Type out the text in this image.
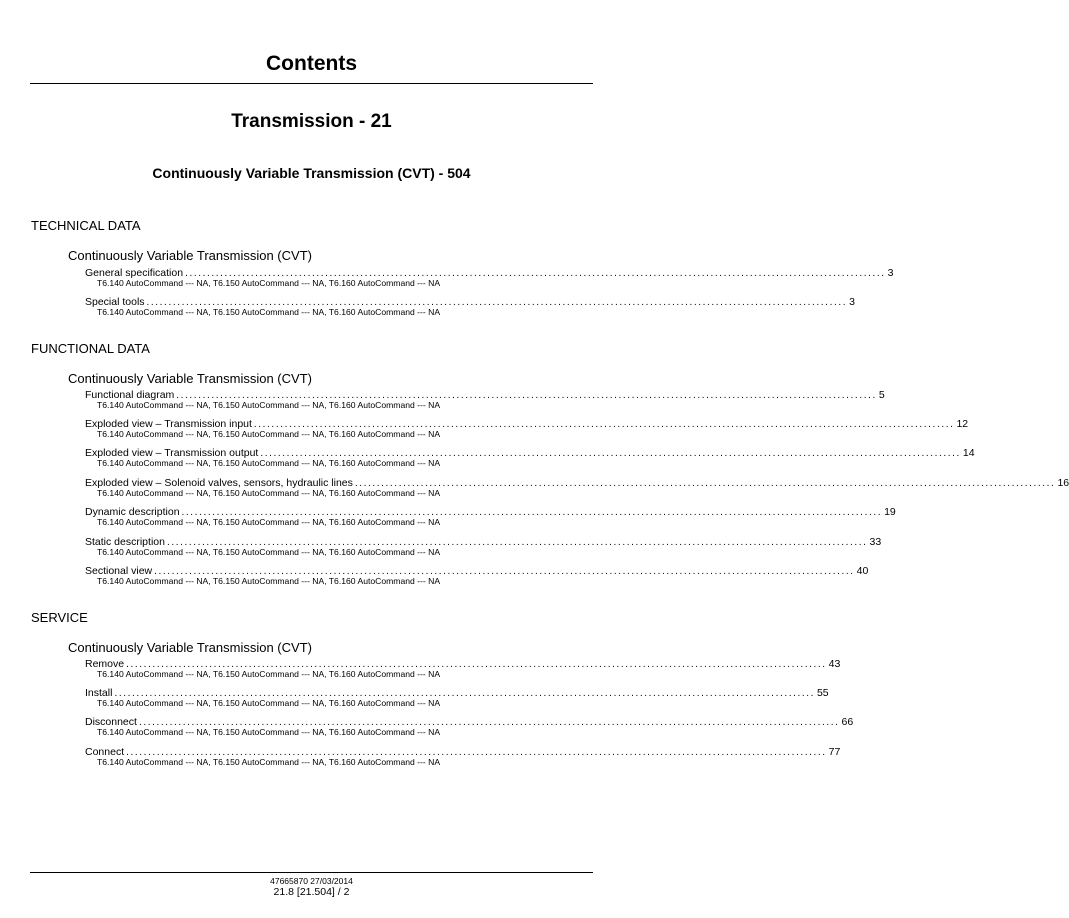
Contents
Transmission - 21
Continuously Variable Transmission (CVT) - 504
TECHNICAL DATA
Continuously Variable Transmission (CVT)
General specification ................................................................................................................................................................ 3
T6.140 AutoCommand --- NA, T6.150 AutoCommand --- NA, T6.160 AutoCommand --- NA
Special tools ................................................................................................................................................................ 3
T6.140 AutoCommand --- NA, T6.150 AutoCommand --- NA, T6.160 AutoCommand --- NA
FUNCTIONAL DATA
Continuously Variable Transmission (CVT)
Functional diagram ................................................................................................................................................................ 5
T6.140 AutoCommand --- NA, T6.150 AutoCommand --- NA, T6.160 AutoCommand --- NA
Exploded view – Transmission input ................................................................................................................................................................ 12
T6.140 AutoCommand --- NA, T6.150 AutoCommand --- NA, T6.160 AutoCommand --- NA
Exploded view – Transmission output ................................................................................................................................................................ 14
T6.140 AutoCommand --- NA, T6.150 AutoCommand --- NA, T6.160 AutoCommand --- NA
Exploded view – Solenoid valves, sensors, hydraulic lines ................................................................................................................................................................ 16
T6.140 AutoCommand --- NA, T6.150 AutoCommand --- NA, T6.160 AutoCommand --- NA
Dynamic description ................................................................................................................................................................ 19
T6.140 AutoCommand --- NA, T6.150 AutoCommand --- NA, T6.160 AutoCommand --- NA
Static description ................................................................................................................................................................ 33
T6.140 AutoCommand --- NA, T6.150 AutoCommand --- NA, T6.160 AutoCommand --- NA
Sectional view ................................................................................................................................................................ 40
T6.140 AutoCommand --- NA, T6.150 AutoCommand --- NA, T6.160 AutoCommand --- NA
SERVICE
Continuously Variable Transmission (CVT)
Remove ................................................................................................................................................................ 43
T6.140 AutoCommand --- NA, T6.150 AutoCommand --- NA, T6.160 AutoCommand --- NA
Install ................................................................................................................................................................ 55
T6.140 AutoCommand --- NA, T6.150 AutoCommand --- NA, T6.160 AutoCommand --- NA
Disconnect ................................................................................................................................................................ 66
T6.140 AutoCommand --- NA, T6.150 AutoCommand --- NA, T6.160 AutoCommand --- NA
Connect ................................................................................................................................................................ 77
T6.140 AutoCommand --- NA, T6.150 AutoCommand --- NA, T6.160 AutoCommand --- NA
47665870 27/03/2014
21.8 [21.504] / 2
